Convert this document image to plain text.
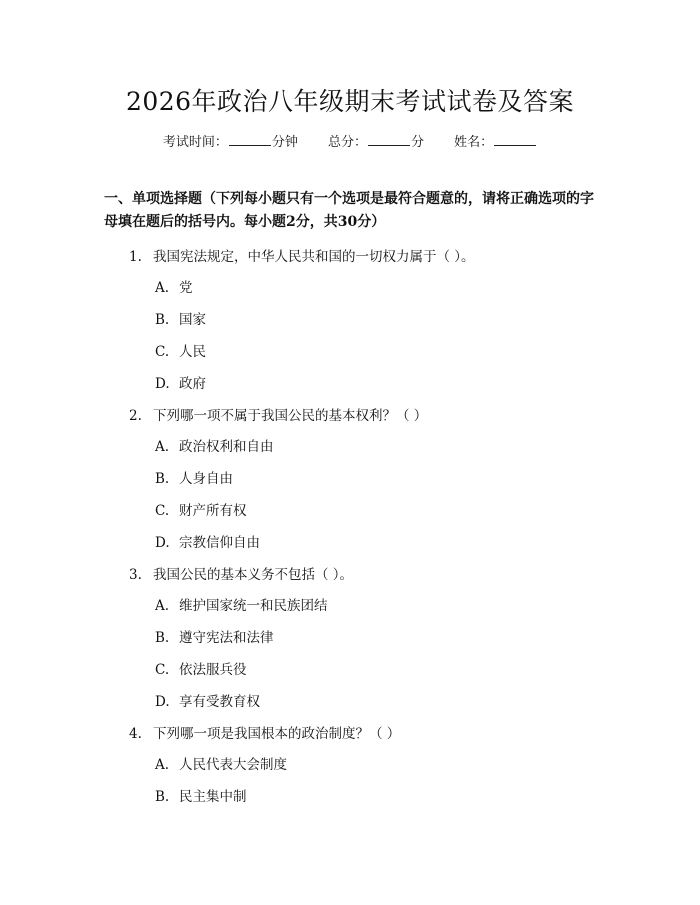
2026年政治八年级期末考试试卷及答案
考试时间：	分钟 总分：	分 姓名：
一、单项选择题（下列每小题只有一个选项是最符合题意的，请将正确选项的字母填在题后的括号内。每小题2分，共30分）
1. 我国宪法规定，中华人民共和国的一切权力属于（ ）。
A. 党
B. 国家
C. 人民
D. 政府
2. 下列哪一项不属于我国公民的基本权利？（ ）
A. 政治权利和自由
B. 人身自由
C. 财产所有权
D. 宗教信仰自由
3. 我国公民的基本义务不包括（ ）。
A. 维护国家统一和民族团结
B. 遵守宪法和法律
C. 依法服兵役
D. 享有受教育权
4. 下列哪一项是我国根本的政治制度？（ ）
A. 人民代表大会制度
B. 民主集中制
